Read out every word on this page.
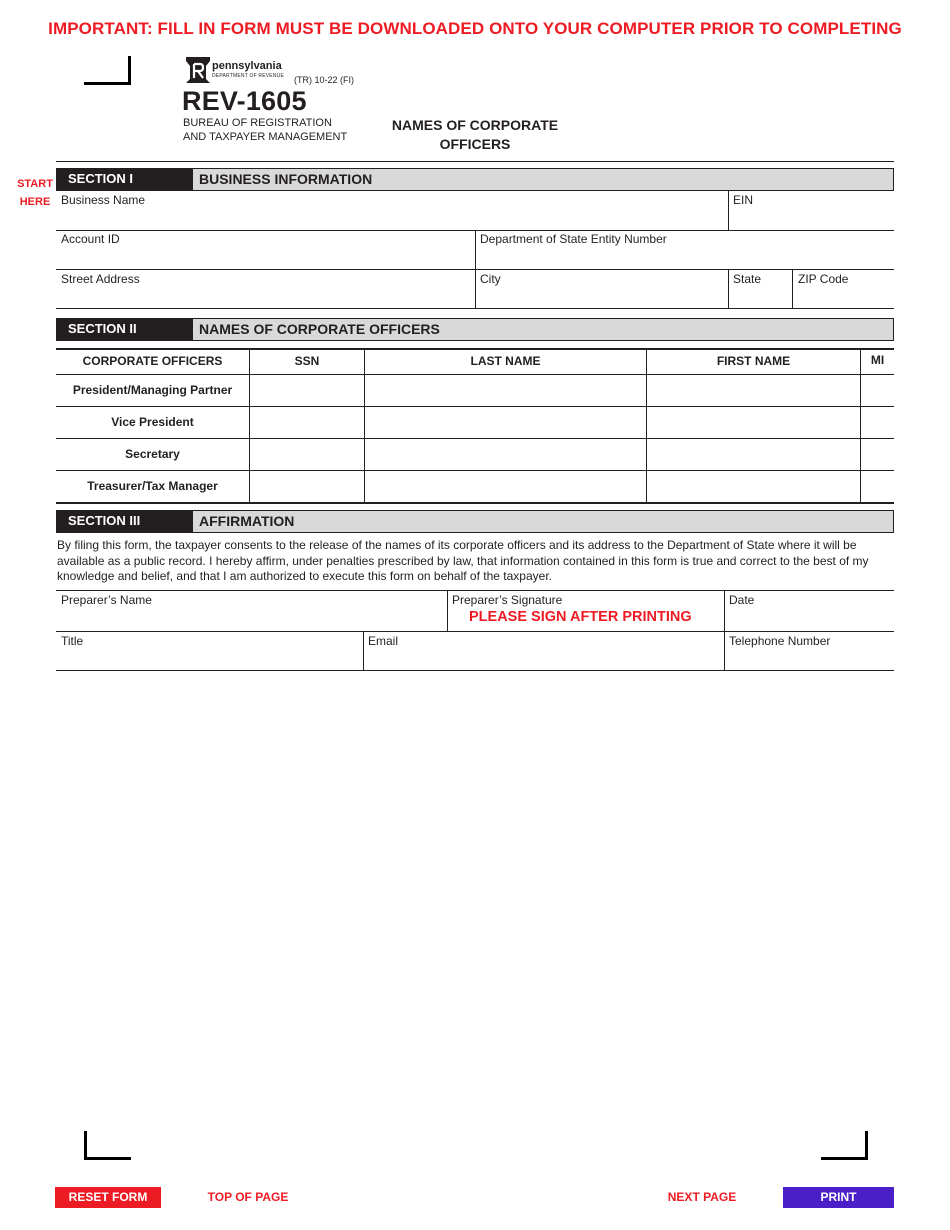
IMPORTANT: FILL IN FORM MUST BE DOWNLOADED ONTO YOUR COMPUTER PRIOR TO COMPLETING
pennsylvania
DEPARTMENT OF REVENUE (TR) 10-22 (FI)
REV-1605
BUREAU OF REGISTRATION
AND TAXPAYER MANAGEMENT
NAMES OF CORPORATE
OFFICERS
START
HERE
SECTION I	BUSINESS INFORMATION
Business Name	EIN
Account ID	Department of State Entity Number
Street Address	City	State	ZIP Code
SECTION II	NAMES OF CORPORATE OFFICERS
CORPORATE OFFICERS	SSN	LAST NAME	FIRST NAME	MI
President/Managing Partner
Vice President
Secretary
Treasurer/Tax Manager
SECTION III	AFFIRMATION
By filing this form, the taxpayer consents to the release of the names of its corporate officers and its address to the Department of State where it will be available as a public record. I hereby affirm, under penalties prescribed by law, that information contained in this form is true and correct to the best of my knowledge and belief, and that I am authorized to execute this form on behalf of the taxpayer.
Preparer’s Name	Preparer’s Signature
PLEASE SIGN AFTER PRINTING
Date
Title	Email	Telephone Number
RESET FORM	TOP OF PAGE	NEXT PAGE	PRINT
